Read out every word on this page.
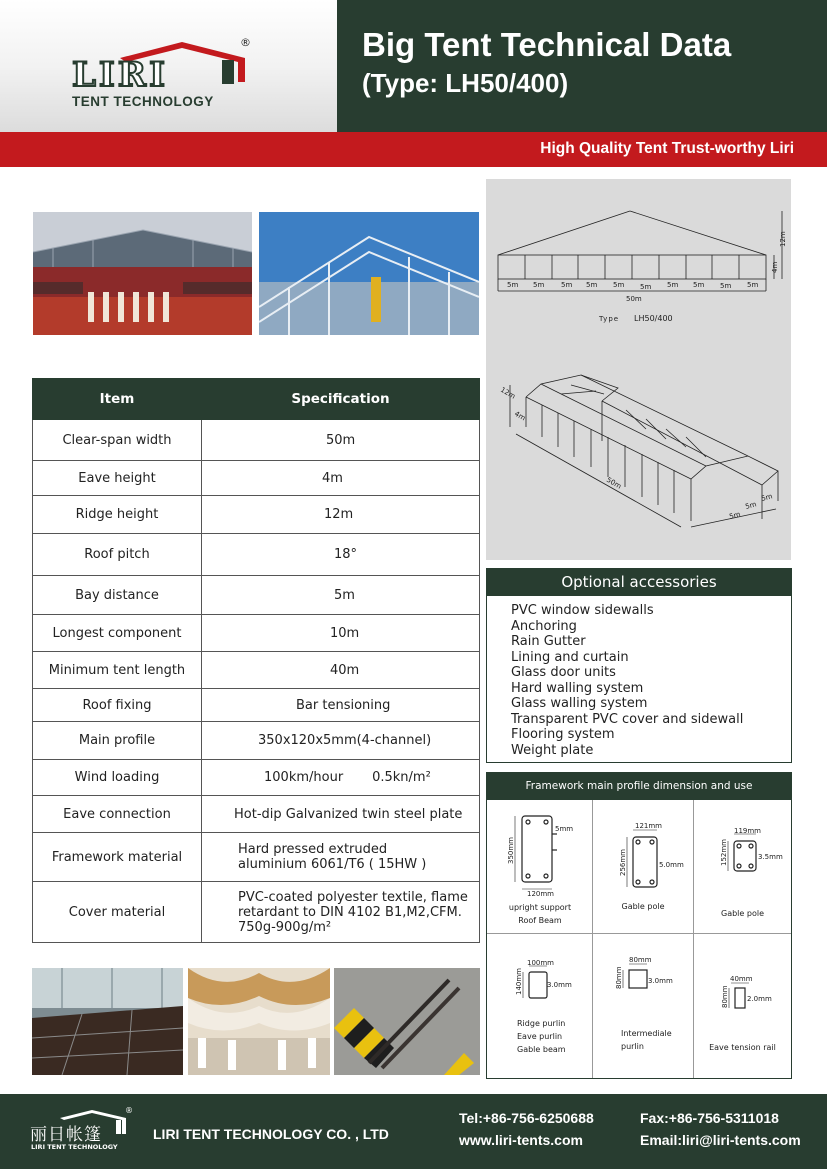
LIRI
®
TENT TECHNOLOGY
Big Tent Technical Data
(Type: LH50/400)
High Quality Tent Trust-worthy Liri
Item	Specification
Clear-span width	50m
Eave height	4m
Ridge height	12m
Roof pitch	18°
Bay distance	5m
Longest component	10m
Minimum tent length	40m
Roof fixing	Bar tensioning
Main profile	350x120x5mm(4-channel)
Wind loading	100km/hour       0.5kn/m²
Eave connection	Hot-dip Galvanized twin steel plate
Framework material	Hard pressed extruded
aluminium 6061/T6 ( 15HW )

Cover material	PVC-coated polyester textile, flame
retardant to DIN 4102 B1,M2,CFM.
750g-900g/m²
5m 5m 5m 5m 5m 5m 5m 5m 5m 5m
50m
4m
12m
Type LH50/400
12m
4m
50m
5m
5m
5m
Optional accessories
PVC window sidewalls
Anchoring
Rain Gutter
Lining and curtain
Glass door units
Hard walling system
Glass walling system
Transparent PVC cover and sidewall
Flooring system
Weight plate
Framework main profile dimension and use
5mm
350mm
120mm
121mm
256mm	5.0mm
119mm
152mm	3.5mm
100mm
140mm	3.0mm
80mm
80mm	3.0mm	40mm
80mm	2.0mm
upright support
Roof Beam
Gable pole
Gable pole
Ridge purlin
Eave purlin
Gable beam
Intermediale
purlin	Eave tension rail
丽日帐篷
®
LIRI TENT TECHNOLOGY
LIRI TENT TECHNOLOGY CO. , LTD
Tel:+86-756-6250688	Fax:+86-756-5311018
www.liri-tents.com	Email:liri@liri-tents.com
